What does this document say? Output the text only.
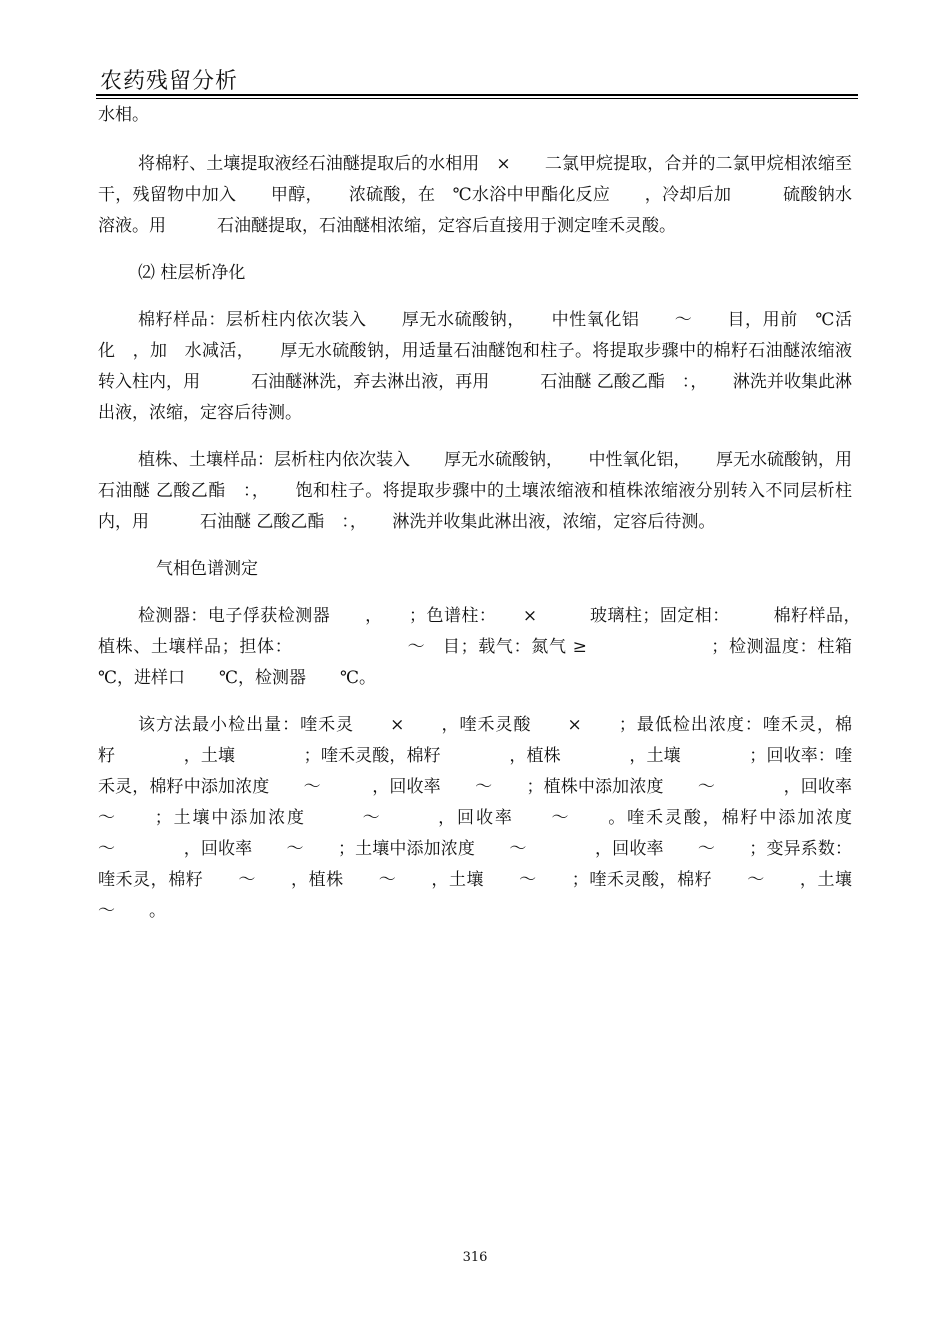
农药残留分析

水相。

将棉籽、土壤提取液经石油醚提取后的水相用　×　　二氯甲烷提取，合并的二氯甲烷相浓缩至干，残留物中加入　　甲醇，　　浓硫酸，在　℃水浴中甲酯化反应　　，冷却后加　　　硫酸钠水溶液。用　　　石油醚提取，石油醚相浓缩，定容后直接用于测定喹禾灵酸。

⑵ 柱层析净化

棉籽样品：层析柱内依次装入　　厚无水硫酸钠，　　中性氧化铝　　～　　目，用前　℃活化　，加　水减活，　　厚无水硫酸钠，用适量石油醚饱和柱子。将提取步骤中的棉籽石油醚浓缩液转入柱内，用　　　石油醚淋洗，弃去淋出液，再用　　　石油醚 乙酸乙酯　：，　　淋洗并收集此淋出液，浓缩，定容后待测。

植株、土壤样品：层析柱内依次装入　　厚无水硫酸钠，　　中性氧化铝，　　厚无水硫酸钠，用石油醚 乙酸乙酯　：，　　饱和柱子。将提取步骤中的土壤浓缩液和植株浓缩液分别转入不同层析柱内，用　　　石油醚 乙酸乙酯　：，　　淋洗并收集此淋出液，浓缩，定容后待测。

气相色谱测定

检测器：电子俘获检测器　　，　　；色谱柱：　　×　　　玻璃柱；固定相：　　　棉籽样品，　　　　　植株、土壤样品；担体：　　　　　　　～　目；载气：氮气 ≥　　　　　　　；检测温度：柱箱　　℃，进样口　　℃，检测器　　℃。

该方法最小检出量：喹禾灵　　×　　，喹禾灵酸　　×　　；最低检出浓度：喹禾灵，棉籽　　　　，土壤　　　　；喹禾灵酸，棉籽　　　　，植株　　　　，土壤　　　　；回收率：喹禾灵，棉籽中添加浓度　　～　　　，回收率　　～　　；植株中添加浓度　　～　　　　，回收率　　～　　；土壤中添加浓度　　　～　　　，回收率　　～　　。喹禾灵酸，棉籽中添加浓度　　～　　　　，回收率　　～　　；土壤中添加浓度　　～　　　　，回收率　　～　　；变异系数：喹禾灵，棉籽　　～　　，植株　　～　　，土壤　　～　　；喹禾灵酸，棉籽　　～　　，土壤　　～　　。

316
